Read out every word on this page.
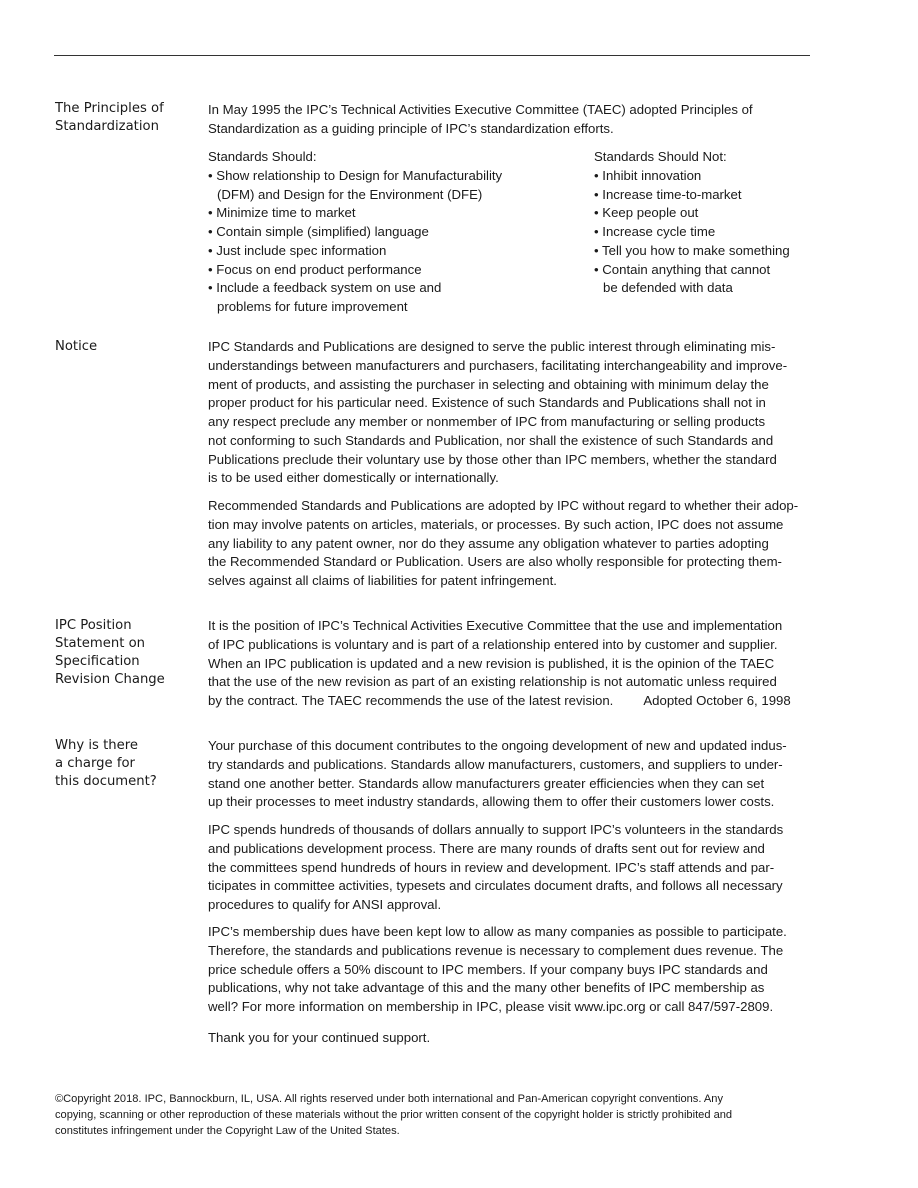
The Principles of
Standardization
In May 1995 the IPC’s Technical Activities Executive Committee (TAEC) adopted Principles of
Standardization as a guiding principle of IPC’s standardization efforts.
Standards Should:
• Show relationship to Design for Manufacturability
(DFM) and Design for the Environment (DFE)
• Minimize time to market
• Contain simple (simplified) language
• Just include spec information
• Focus on end product performance
• Include a feedback system on use and
problems for future improvement
Standards Should Not:
• Inhibit innovation
• Increase time-to-market
• Keep people out
• Increase cycle time
• Tell you how to make something
• Contain anything that cannot
be defended with data
Notice	IPC Standards and Publications are designed to serve the public interest through eliminating mis-
understandings between manufacturers and purchasers, facilitating interchangeability and improve-
ment of products, and assisting the purchaser in selecting and obtaining with minimum delay the
proper product for his particular need. Existence of such Standards and Publications shall not in
any respect preclude any member or nonmember of IPC from manufacturing or selling products
not conforming to such Standards and Publication, nor shall the existence of such Standards and
Publications preclude their voluntary use by those other than IPC members, whether the standard
is to be used either domestically or internationally.
Recommended Standards and Publications are adopted by IPC without regard to whether their adop-
tion may involve patents on articles, materials, or processes. By such action, IPC does not assume
any liability to any patent owner, nor do they assume any obligation whatever to parties adopting
the Recommended Standard or Publication. Users are also wholly responsible for protecting them-
selves against all claims of liabilities for patent infringement.
IPC Position
Statement on
Specification
Revision Change
It is the position of IPC’s Technical Activities Executive Committee that the use and implementation
of IPC publications is voluntary and is part of a relationship entered into by customer and supplier.
When an IPC publication is updated and a new revision is published, it is the opinion of the TAEC
that the use of the new revision as part of an existing relationship is not automatic unless required
by the contract. The TAEC recommends the use of the latest revision. Adopted October 6, 1998
Why is there
a charge for
this document?
Your purchase of this document contributes to the ongoing development of new and updated indus-
try standards and publications. Standards allow manufacturers, customers, and suppliers to under-
stand one another better. Standards allow manufacturers greater efficiencies when they can set
up their processes to meet industry standards, allowing them to offer their customers lower costs.
IPC spends hundreds of thousands of dollars annually to support IPC’s volunteers in the standards
and publications development process. There are many rounds of drafts sent out for review and
the committees spend hundreds of hours in review and development. IPC’s staff attends and par-
ticipates in committee activities, typesets and circulates document drafts, and follows all necessary
procedures to qualify for ANSI approval.
IPC’s membership dues have been kept low to allow as many companies as possible to participate.
Therefore, the standards and publications revenue is necessary to complement dues revenue. The
price schedule offers a 50% discount to IPC members. If your company buys IPC standards and
publications, why not take advantage of this and the many other benefits of IPC membership as
well? For more information on membership in IPC, please visit www.ipc.org or call 847/597-2809.
Thank you for your continued support.
©Copyright 2018. IPC, Bannockburn, IL, USA. All rights reserved under both international and Pan-American copyright conventions. Any
copying, scanning or other reproduction of these materials without the prior written consent of the copyright holder is strictly prohibited and
constitutes infringement under the Copyright Law of the United States.
